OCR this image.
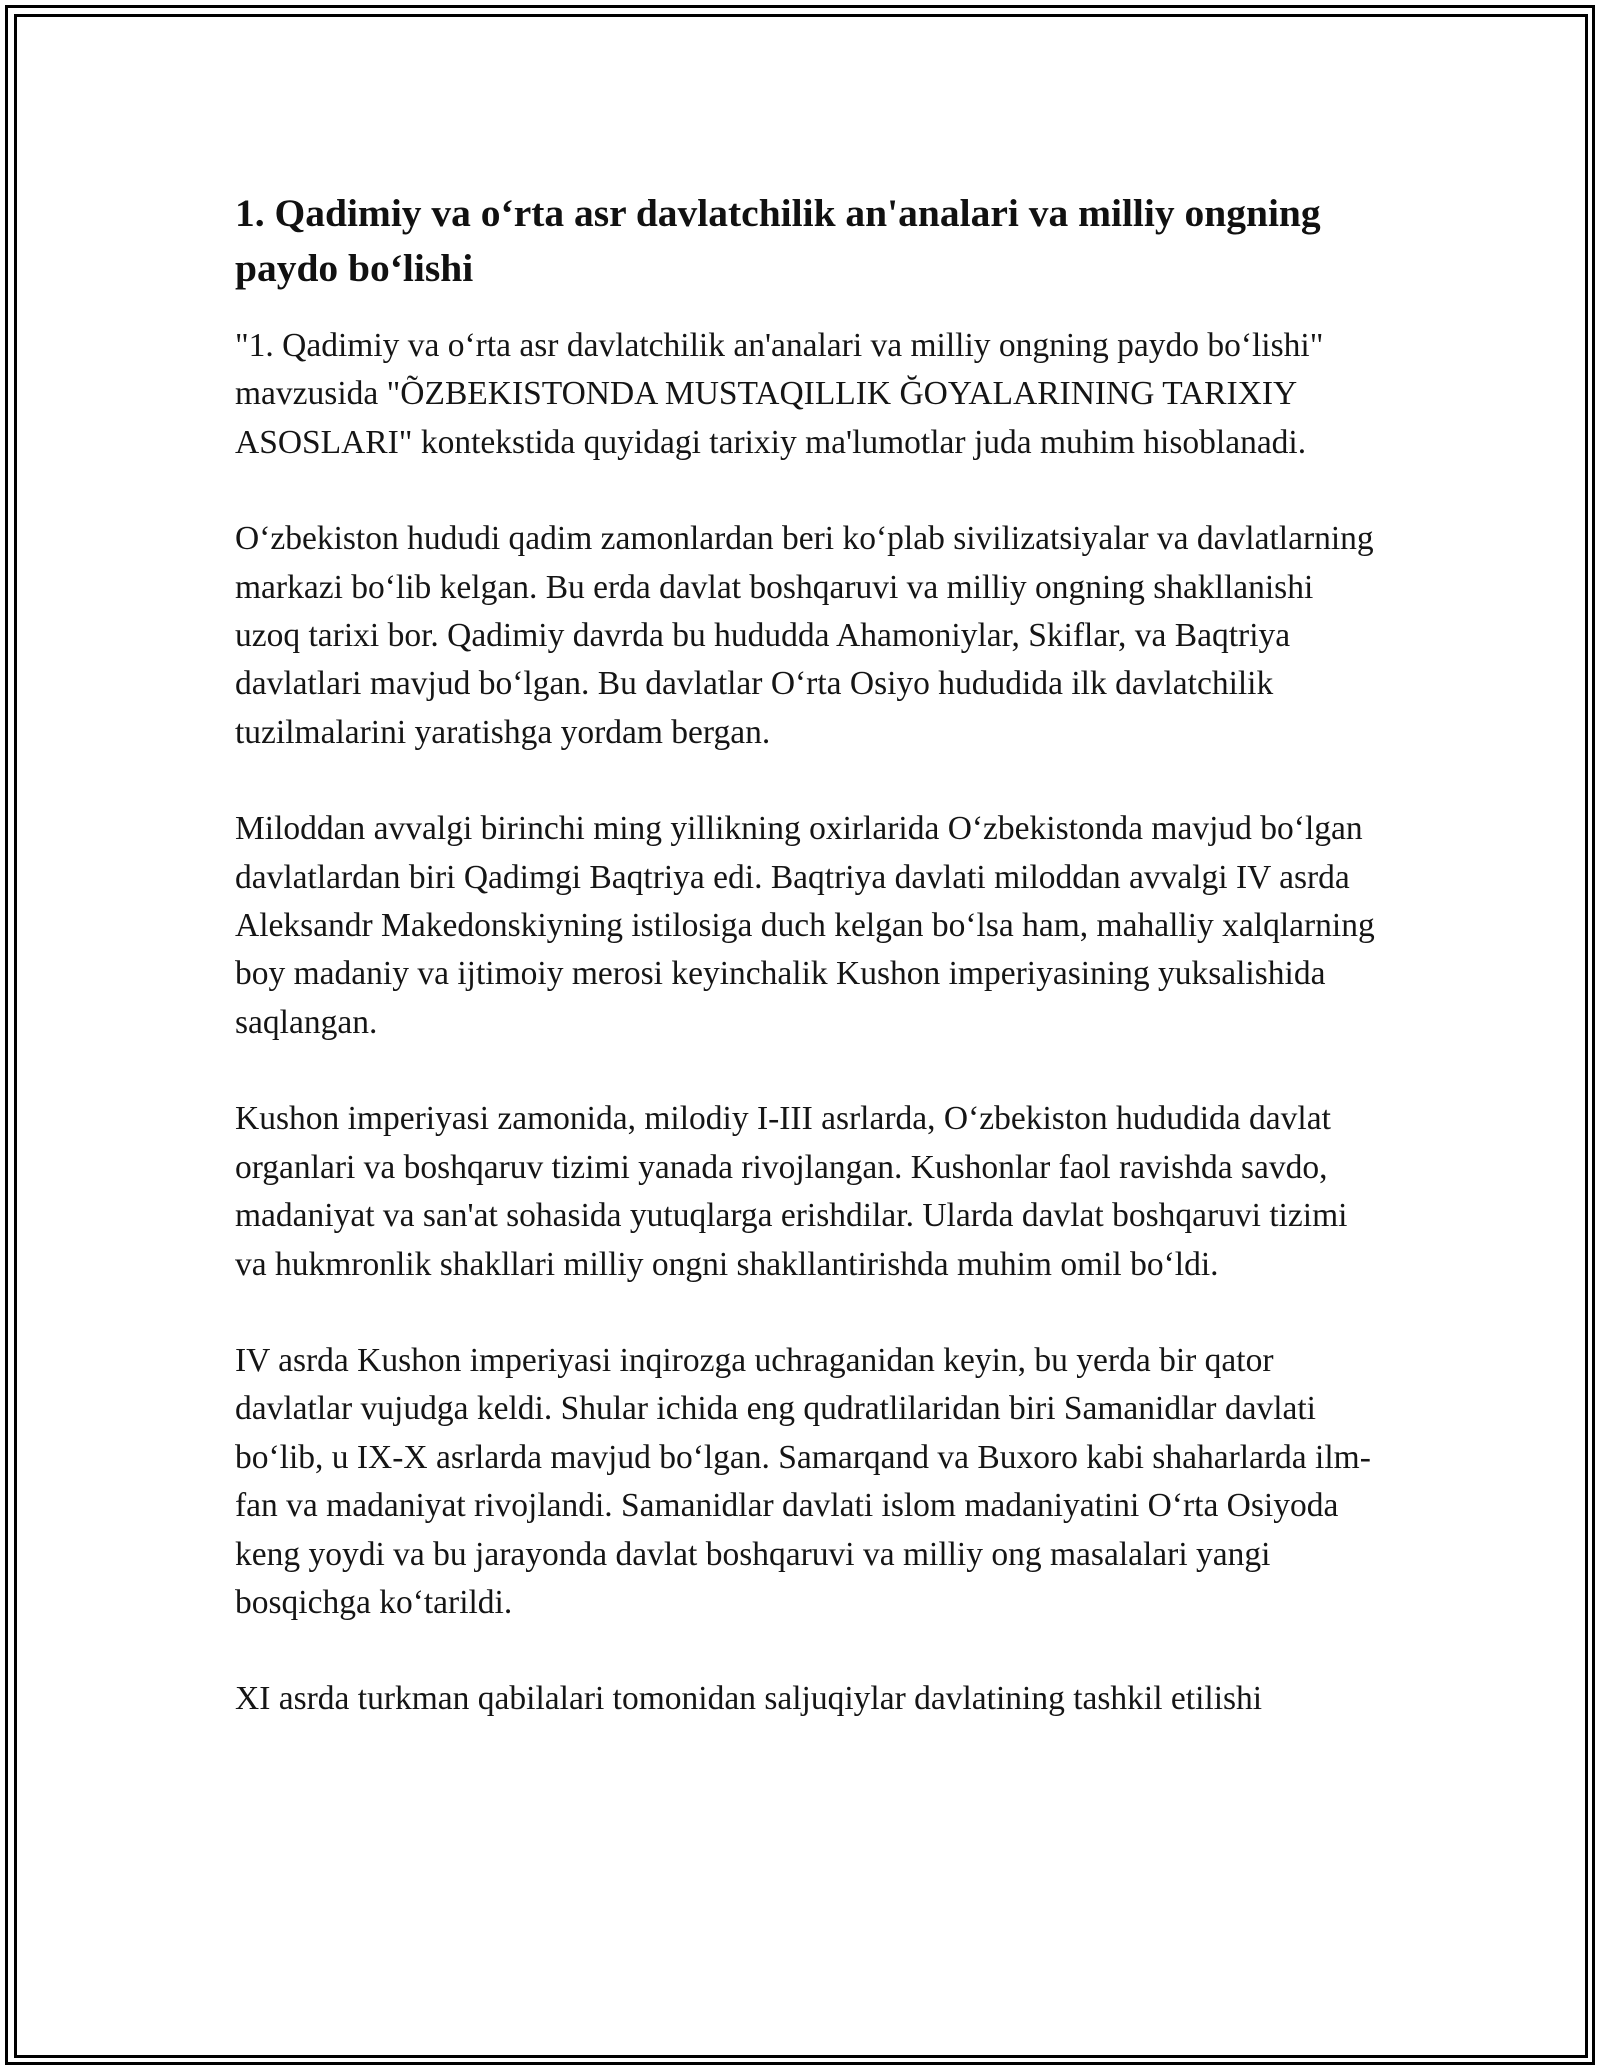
1. Qadimiy va o‘rta asr davlatchilik an'analari va milliy ongning paydo bo‘lishi

"1. Qadimiy va o‘rta asr davlatchilik an'analari va milliy ongning paydo bo‘lishi" mavzusida "ÕZBEKISTONDA MUSTAQILLIK ĞOYALARINING TARIXIY ASOSLARI" kontekstida quyidagi tarixiy ma'lumotlar juda muhim hisoblanadi.

O‘zbekiston hududi qadim zamonlardan beri ko‘plab sivilizatsiyalar va davlatlarning markazi bo‘lib kelgan. Bu erda davlat boshqaruvi va milliy ongning shakllanishi uzoq tarixi bor. Qadimiy davrda bu hududda Ahamoniylar, Skiflar, va Baqtriya davlatlari mavjud bo‘lgan. Bu davlatlar O‘rta Osiyo hududida ilk davlatchilik tuzilmalarini yaratishga yordam bergan.

Miloddan avvalgi birinchi ming yillikning oxirlarida O‘zbekistonda mavjud bo‘lgan davlatlardan biri Qadimgi Baqtriya edi. Baqtriya davlati miloddan avvalgi IV asrda Aleksandr Makedonskiyning istilosiga duch kelgan bo‘lsa ham, mahalliy xalqlarning boy madaniy va ijtimoiy merosi keyinchalik Kushon imperiyasining yuksalishida saqlangan.

Kushon imperiyasi zamonida, milodiy I-III asrlarda, O‘zbekiston hududida davlat organlari va boshqaruv tizimi yanada rivojlangan. Kushonlar faol ravishda savdo, madaniyat va san'at sohasida yutuqlarga erishdilar. Ularda davlat boshqaruvi tizimi va hukmronlik shakllari milliy ongni shakllantirishda muhim omil bo‘ldi.

IV asrda Kushon imperiyasi inqirozga uchraganidan keyin, bu yerda bir qator davlatlar vujudga keldi. Shular ichida eng qudratlilaridan biri Samanidlar davlati bo‘lib, u IX-X asrlarda mavjud bo‘lgan. Samarqand va Buxoro kabi shaharlarda ilm-fan va madaniyat rivojlandi. Samanidlar davlati islom madaniyatini O‘rta Osiyoda keng yoydi va bu jarayonda davlat boshqaruvi va milliy ong masalalari yangi bosqichga ko‘tarildi.

XI asrda turkman qabilalari tomonidan saljuqiylar davlatining tashkil etilishi
